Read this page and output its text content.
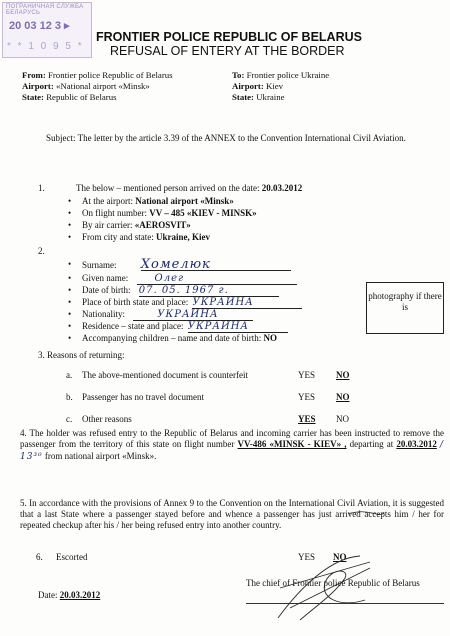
ПОГРАНИЧНАЯ СЛУЖБА БЕЛАРУСЬ
20 03 12 3 ▸
* * 1 0 9 5 *
FRONTIER POLICE REPUBLIC OF BELARUS
REFUSAL OF ENTERY AT THE BORDER
From: Frontier police Republic of Belarus
Airport: «National airport «Minsk»
State: Republic of Belarus
To: Frontier police Ukraine
Airport: Kiev
State: Ukraine
Subject: The letter by the article 3.39 of the ANNEX to the Convention International Civil Aviation.
1.	The below – mentioned person arrived on the date: 20.03.2012
• At the airport: National airport «Minsk»
• On flight number: VV – 485 «KIEV - MINSK»
• By air carrier: «AEROSVIT»
• From city and state: Ukraine, Kiev
2.
• Surname: Хомелюк
• Given name:	Олег
• Date of birth: 07. 05. 1967 г.
• Place of birth state and place: УКРАИНА
• Nationality:	УКРАИНА
• Residence – state and place: УКРАИНА
• Accompanying children – name and date of birth: NO
photography if there is
3. Reasons of returning:
a. The above-mentioned document is counterfeit	YES NO
b. Passenger has no travel document	YES NO
c. Other reasons	YES NO
4. The holder was refused entry to the Republic of Belarus and incoming carrier has been instructed to remove the passenger from the territory of this state on flight number VV-486 «MINSK - KIEV» , departing at 20.03.2012 / 13³⁰ from national airport «Minsk».
5. In accordance with the provisions of Annex 9 to the Convention on the International Civil Aviation, it is suggested that a last State where a passenger stayed before and whence a passenger has just arrived accepts him / her for repeated checkup after his / her being refused entry into another country.
6. Escorted	YES NO
Date: 20.03.2012
The chief of Frontier police Republic of Belarus
